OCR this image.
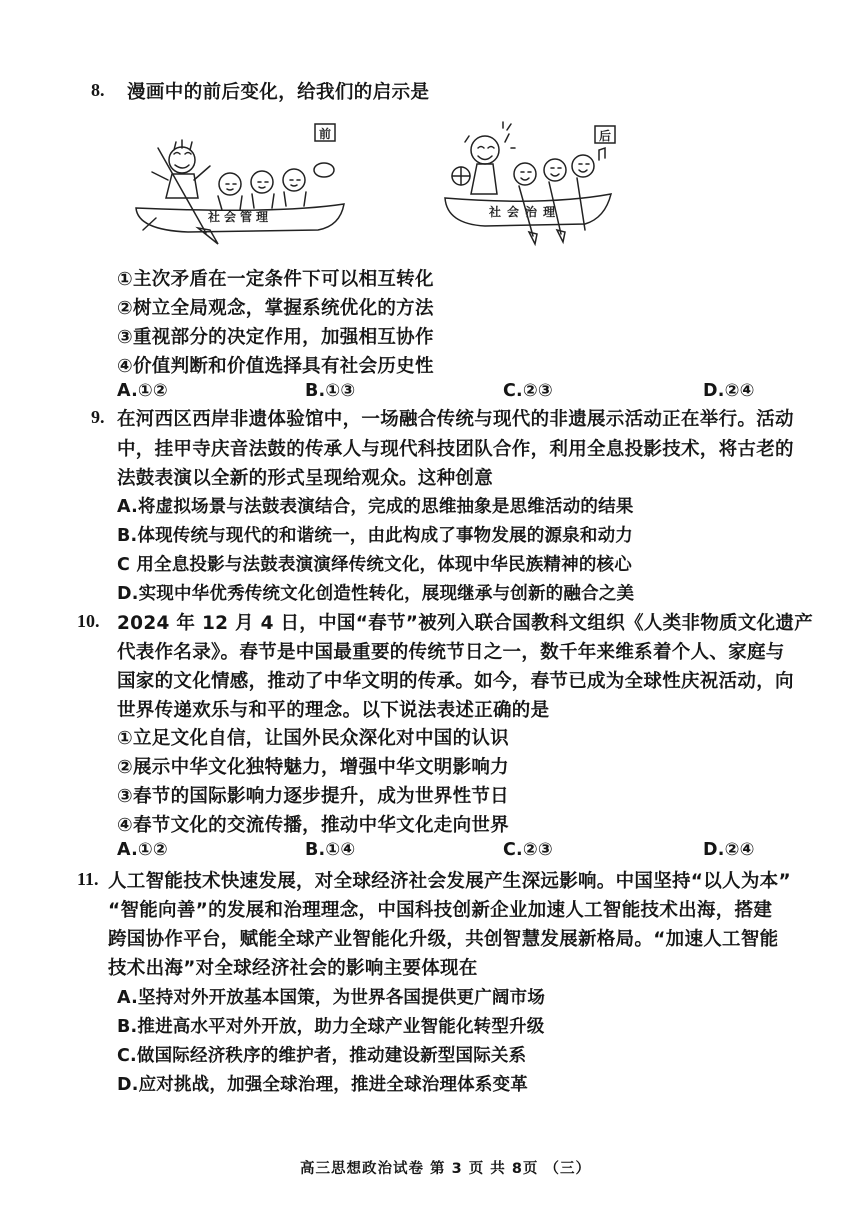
8. 漫画中的前后变化，给我们的启示是
前
社会管理
后
社会治理
①主次矛盾在一定条件下可以相互转化
②树立全局观念，掌握系统优化的方法
③重视部分的决定作用，加强相互协作
④价值判断和价值选择具有社会历史性
A.①②	B.①③	C.②③	D.②④
9. 在河西区西岸非遗体验馆中，一场融合传统与现代的非遗展示活动正在举行。活动
中，挂甲寺庆音法鼓的传承人与现代科技团队合作，利用全息投影技术，将古老的
法鼓表演以全新的形式呈现给观众。这种创意
A.将虚拟场景与法鼓表演结合，完成的思维抽象是思维活动的结果
B.体现传统与现代的和谐统一，由此构成了事物发展的源泉和动力
C 用全息投影与法鼓表演演绎传统文化，体现中华民族精神的核心
D.实现中华优秀传统文化创造性转化，展现继承与创新的融合之美
10. 2024 年 12 月 4 日，中国“春节”被列入联合国教科文组织《人类非物质文化遗产
代表作名录》。春节是中国最重要的传统节日之一，数千年来维系着个人、家庭与
国家的文化情感，推动了中华文明的传承。如今，春节已成为全球性庆祝活动，向
世界传递欢乐与和平的理念。以下说法表述正确的是
①立足文化自信，让国外民众深化对中国的认识
②展示中华文化独特魅力，增强中华文明影响力
③春节的国际影响力逐步提升，成为世界性节日
④春节文化的交流传播，推动中华文化走向世界
A.①②	B.①④	C.②③	D.②④
11. 人工智能技术快速发展，对全球经济社会发展产生深远影响。中国坚持“以人为本”
“智能向善”的发展和治理理念，中国科技创新企业加速人工智能技术出海，搭建
跨国协作平台，赋能全球产业智能化升级，共创智慧发展新格局。“加速人工智能
技术出海”对全球经济社会的影响主要体现在
A.坚持对外开放基本国策，为世界各国提供更广阔市场
B.推进高水平对外开放，助力全球产业智能化转型升级
C.做国际经济秩序的维护者，推动建设新型国际关系
D.应对挑战，加强全球治理，推进全球治理体系变革
高三思想政治试卷 第 3 页 共 8页 （三）
